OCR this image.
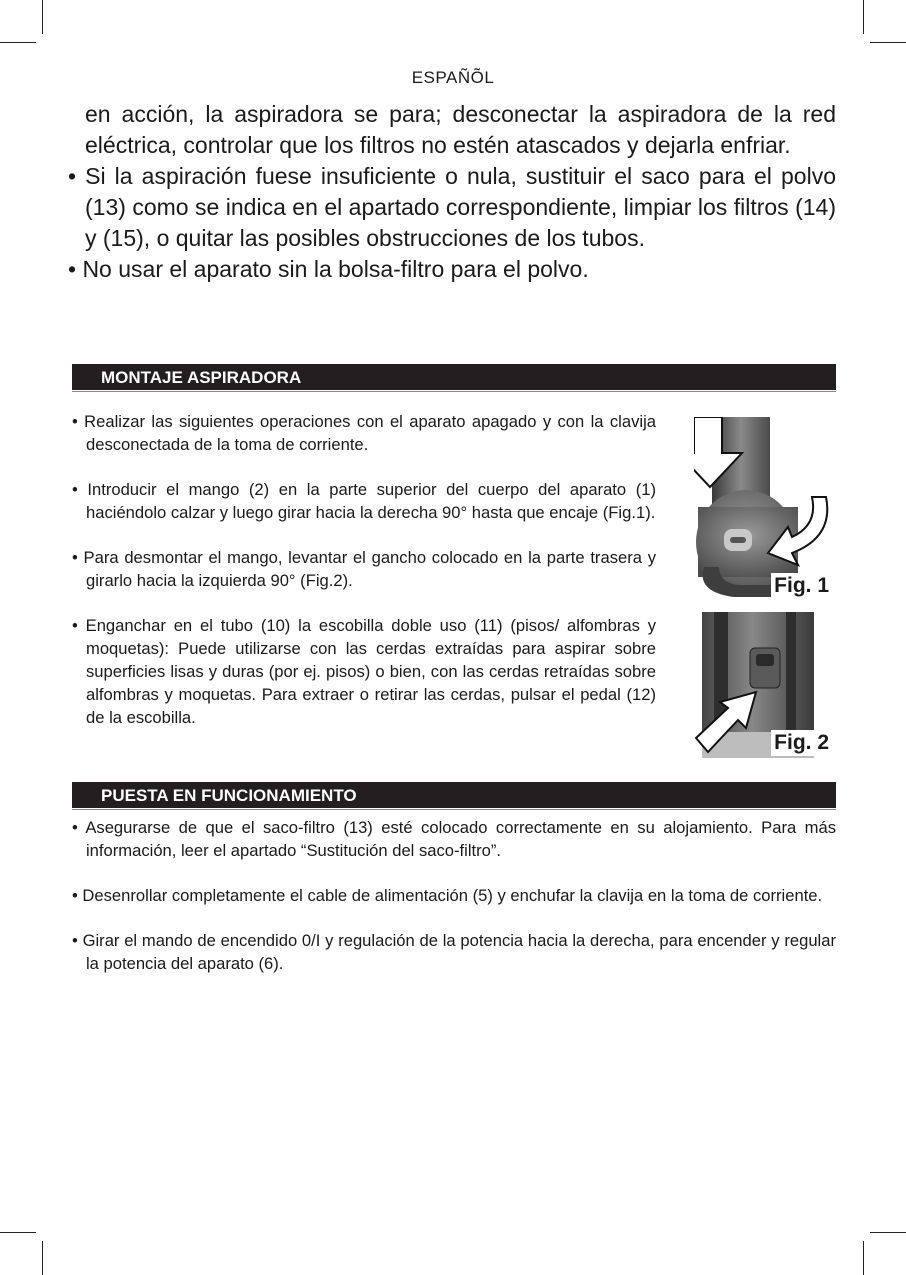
ESPAÑÕL

en acción, la aspiradora se para; desconectar la aspiradora de la red eléctrica, controlar que los filtros no estén atascados y dejarla enfriar.

• Si la aspiración fuese insuficiente o nula, sustituir el saco para el polvo (13) como se indica en el apartado correspondiente, limpiar los filtros (14) y (15), o quitar las posibles obstrucciones de los tubos.

• No usar el aparato sin la bolsa-filtro para el polvo.

MONTAJE ASPIRADORA

• Realizar las siguientes operaciones con el aparato apagado y con la clavija desconectada de la toma de corriente.

• Introducir el mango (2) en la parte superior del cuerpo del aparato (1) haciéndolo calzar y luego girar hacia la derecha 90° hasta que encaje (Fig.1).

• Para desmontar el mango, levantar el gancho colocado en la parte trasera y girarlo hacia la izquierda 90° (Fig.2).

• Enganchar en el tubo (10) la escobilla doble uso (11) (pisos/ alfombras y moquetas): Puede utilizarse con las cerdas extraídas para aspirar sobre superficies lisas y duras (por ej. pisos) o bien, con las cerdas retraídas sobre alfombras y moquetas. Para extraer o retirar las cerdas, pulsar el pedal (12) de la escobilla.

Fig. 1
Fig. 2
PUESTA EN FUNCIONAMIENTO

• Asegurarse de que el saco-filtro (13) esté colocado correctamente en su alojamiento. Para más información, leer el apartado “Sustitución del saco-filtro”.

• Desenrollar completamente el cable de alimentación (5) y enchufar la clavija en la toma de corriente.

• Girar el mando de encendido 0/I y regulación de la potencia hacia la derecha, para encender y regular la potencia del aparato (6).
